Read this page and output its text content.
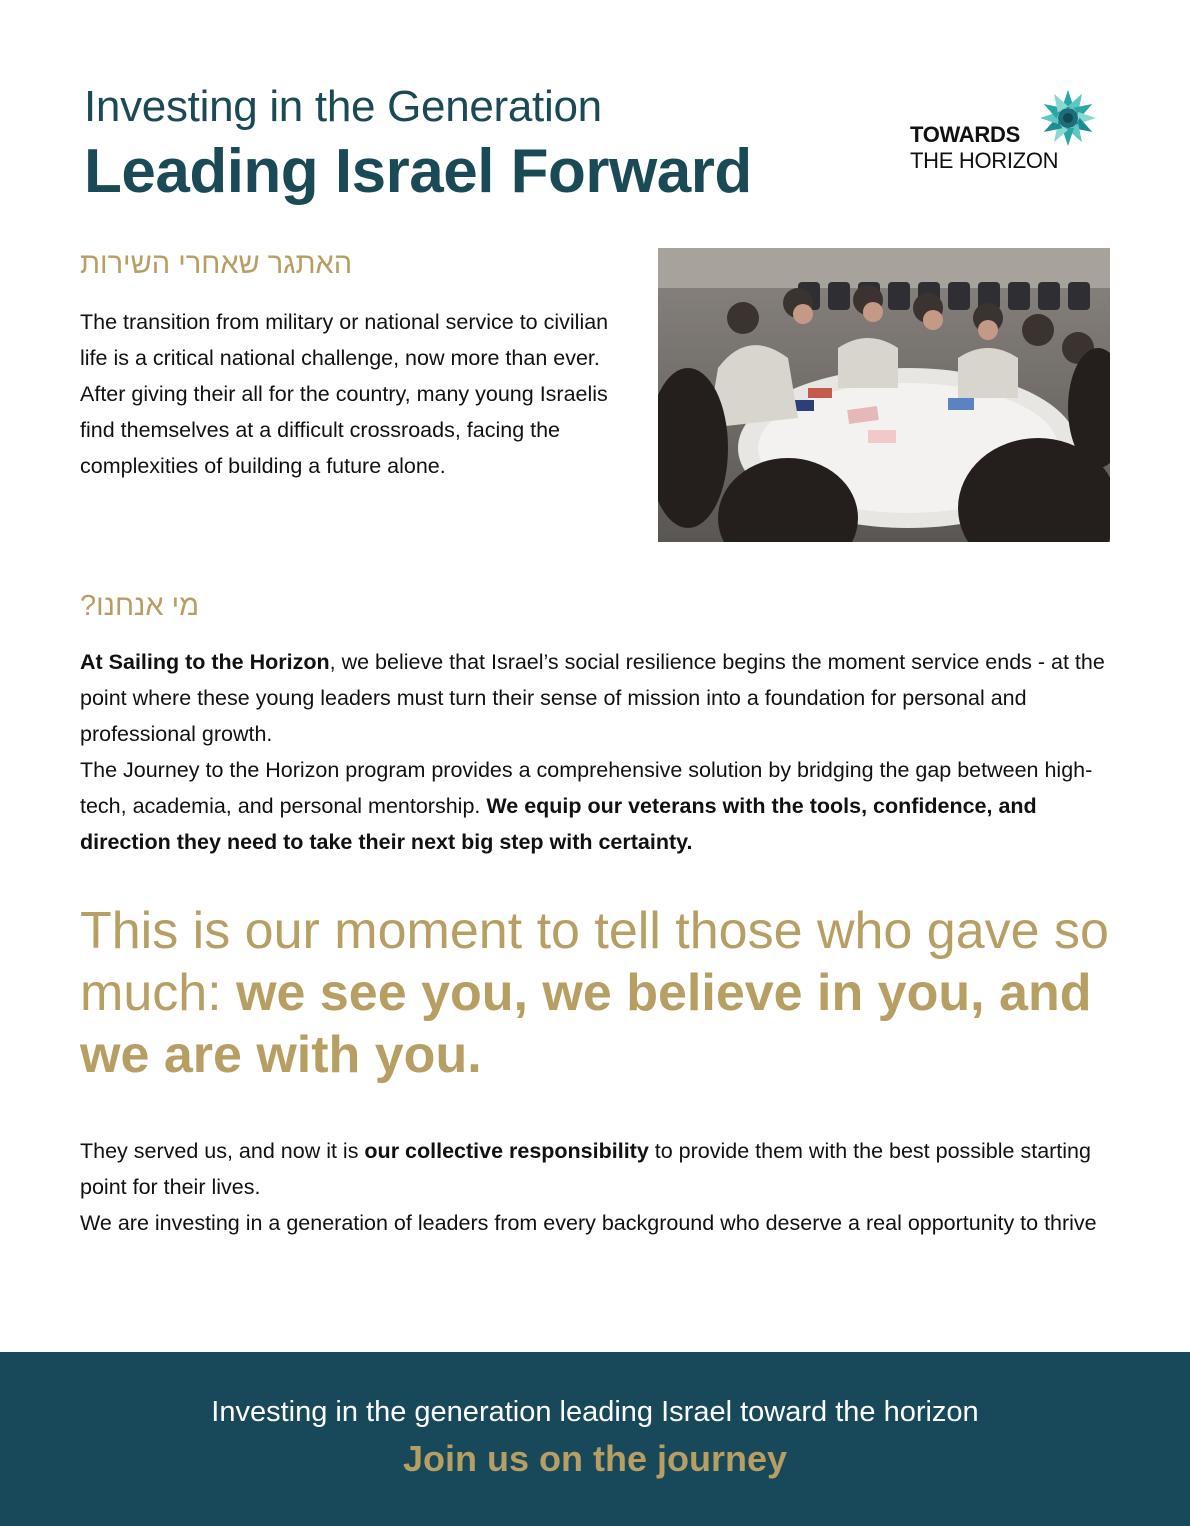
Investing in the Generation
Leading Israel Forward
TOWARDS
THE HORIZON
האתגר שאחרי השירות

The transition from military or national service to civilian life is a critical national challenge, now more than ever. After giving their all for the country, many young Israelis find themselves at a difficult crossroads, facing the complexities of building a future alone.

מי אנחנו?

At Sailing to the Horizon, we believe that Israel’s social resilience begins the moment service ends - at the point where these young leaders must turn their sense of mission into a foundation for personal and professional growth.

The Journey to the Horizon program provides a comprehensive solution by bridging the gap between high-tech, academia, and personal mentorship. We equip our veterans with the tools, confidence, and direction they need to take their next big step with certainty.

This is our moment to tell those who gave so much: we see you, we believe in you, and we are with you.

They served us, and now it is our collective responsibility to provide them with the best possible starting point for their lives.

We are investing in a generation of leaders from every background who deserve a real opportunity to thrive

Investing in the generation leading Israel toward the horizon
Join us on the journey
